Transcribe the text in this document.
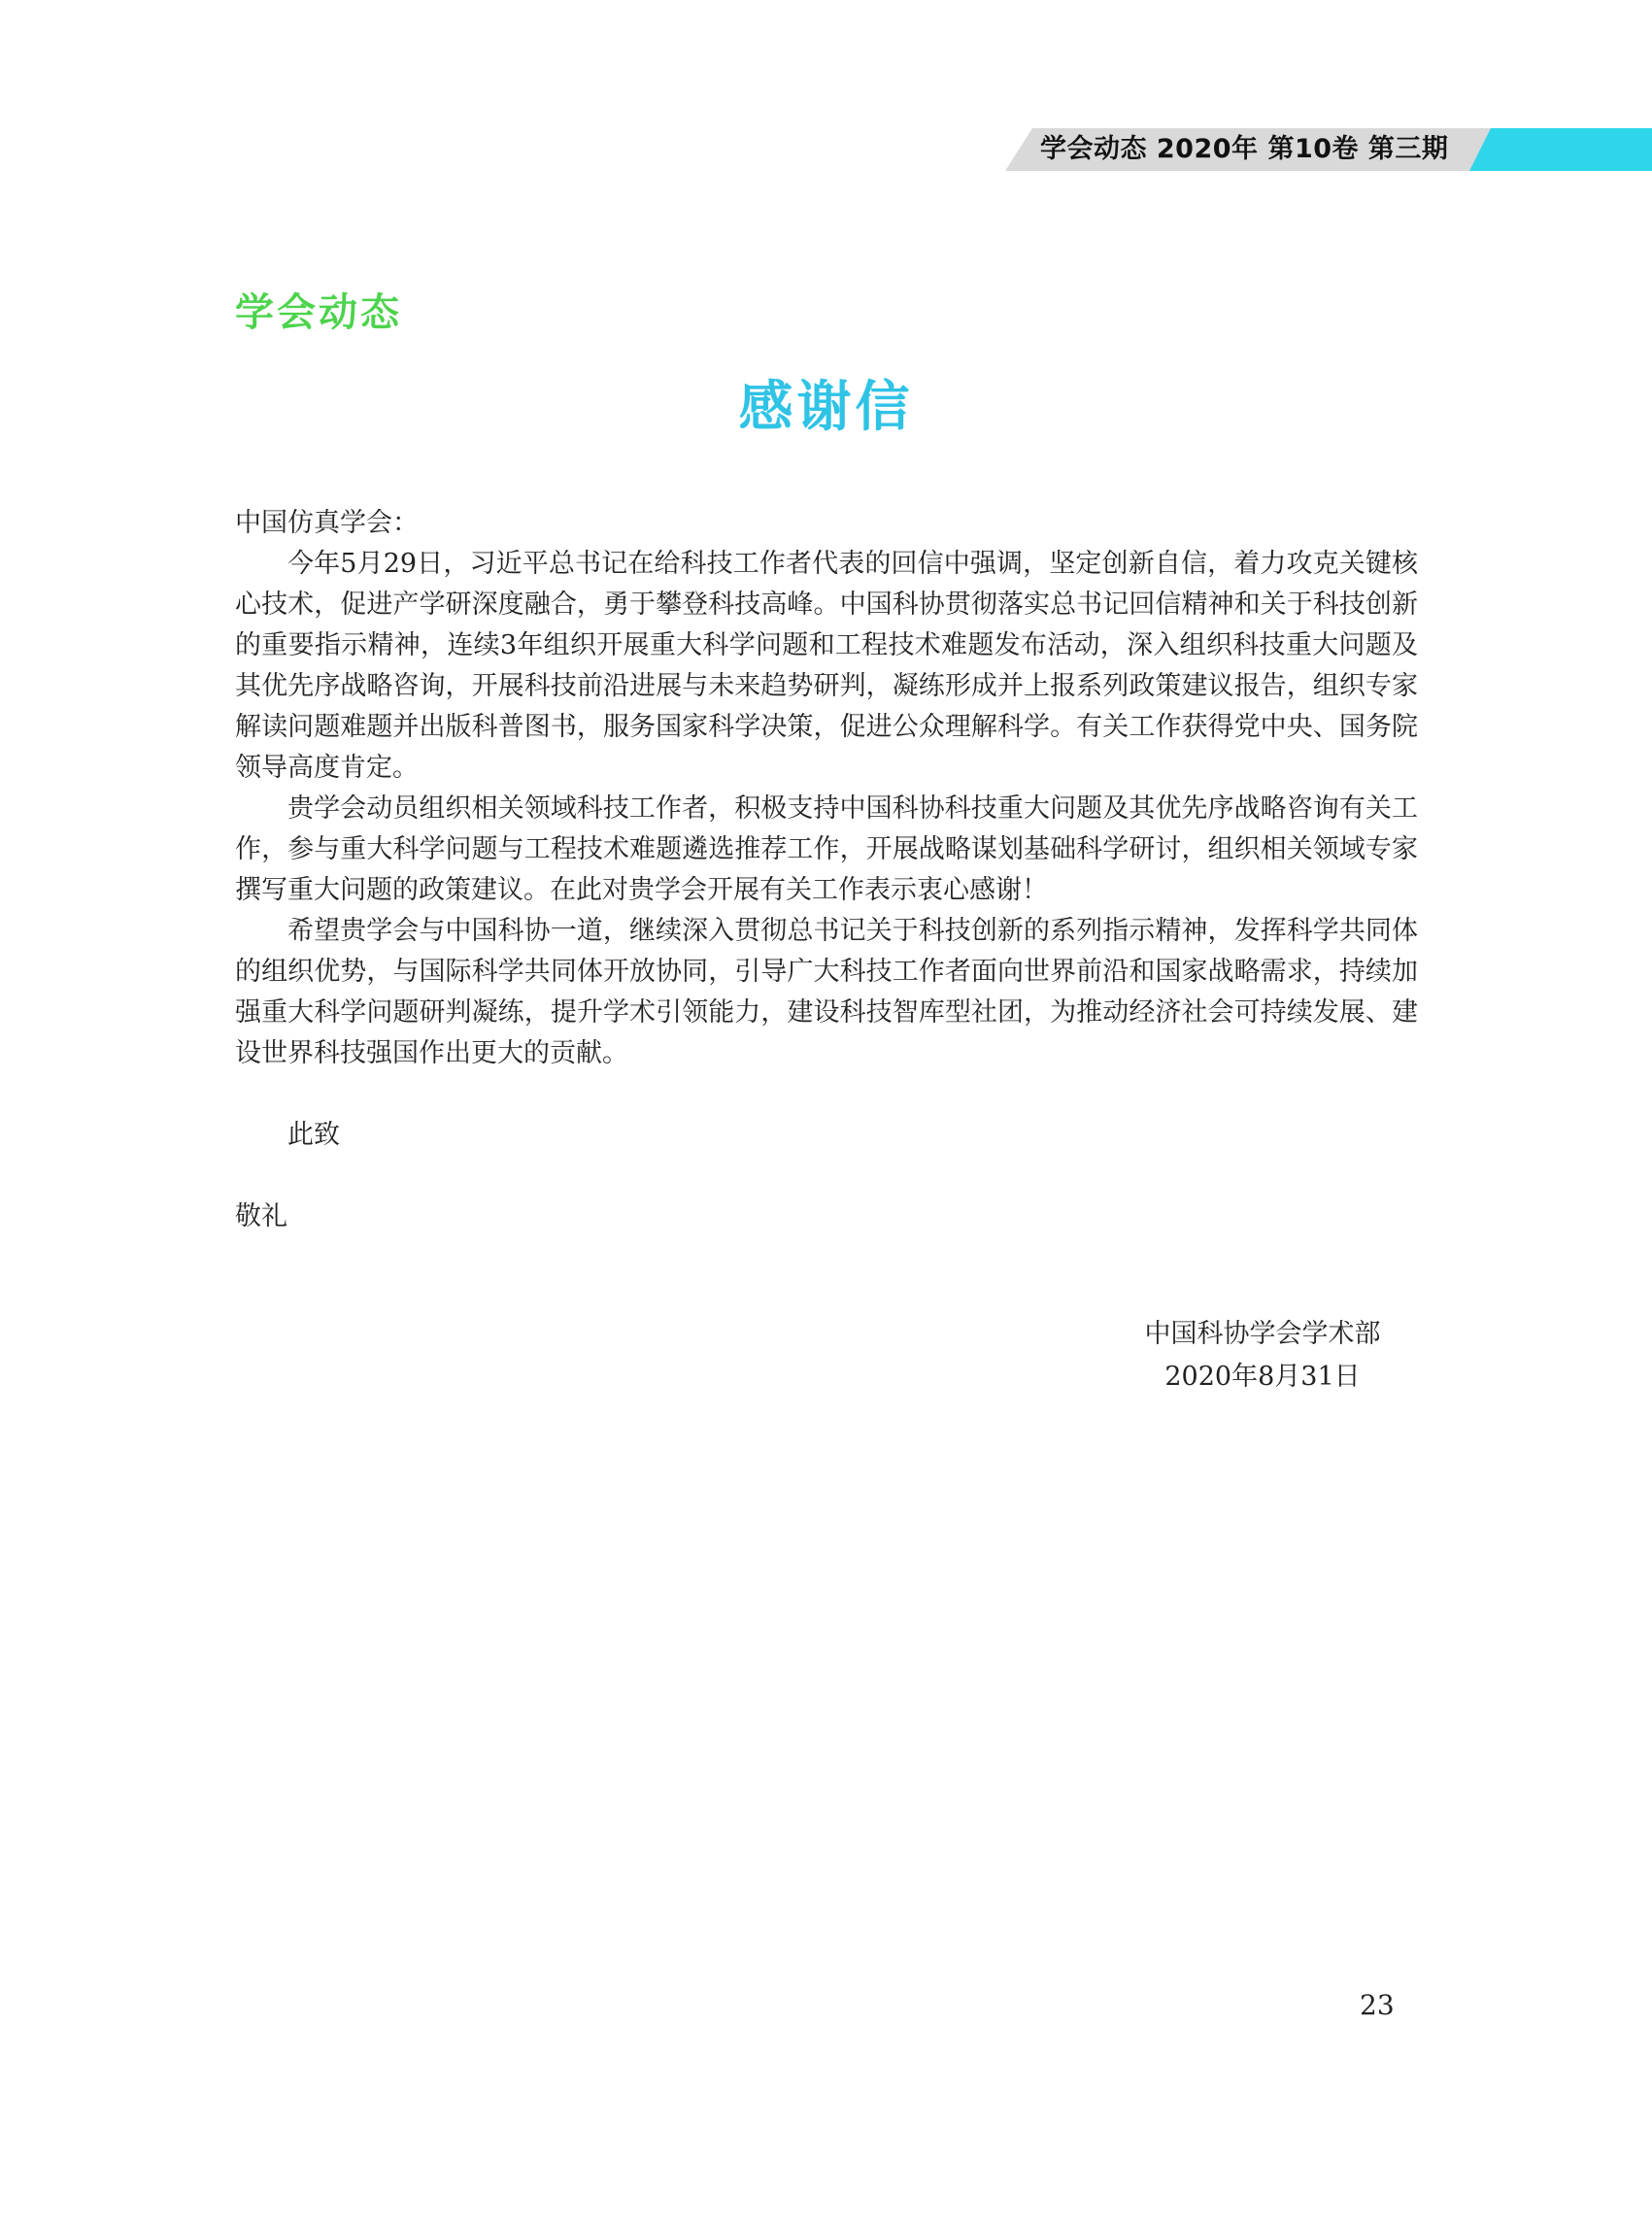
学会动态 2020年 第10卷 第三期
学会动态
感谢信

中国仿真学会：

今年5月29日，习近平总书记在给科技工作者代表的回信中强调，坚定创新自信，着力攻克关键核心技术，促进产学研深度融合，勇于攀登科技高峰。中国科协贯彻落实总书记回信精神和关于科技创新的重要指示精神，连续3年组织开展重大科学问题和工程技术难题发布活动，深入组织科技重大问题及其优先序战略咨询，开展科技前沿进展与未来趋势研判，凝练形成并上报系列政策建议报告，组织专家解读问题难题并出版科普图书，服务国家科学决策，促进公众理解科学。有关工作获得党中央、国务院领导高度肯定。

贵学会动员组织相关领域科技工作者，积极支持中国科协科技重大问题及其优先序战略咨询有关工作，参与重大科学问题与工程技术难题遴选推荐工作，开展战略谋划基础科学研讨，组织相关领域专家撰写重大问题的政策建议。在此对贵学会开展有关工作表示衷心感谢！

希望贵学会与中国科协一道，继续深入贯彻总书记关于科技创新的系列指示精神，发挥科学共同体的组织优势，与国际科学共同体开放协同，引导广大科技工作者面向世界前沿和国家战略需求，持续加强重大科学问题研判凝练，提升学术引领能力，建设科技智库型社团，为推动经济社会可持续发展、建设世界科技强国作出更大的贡献。

此致

敬礼

中国科协学会学术部
2020年8月31日
23
